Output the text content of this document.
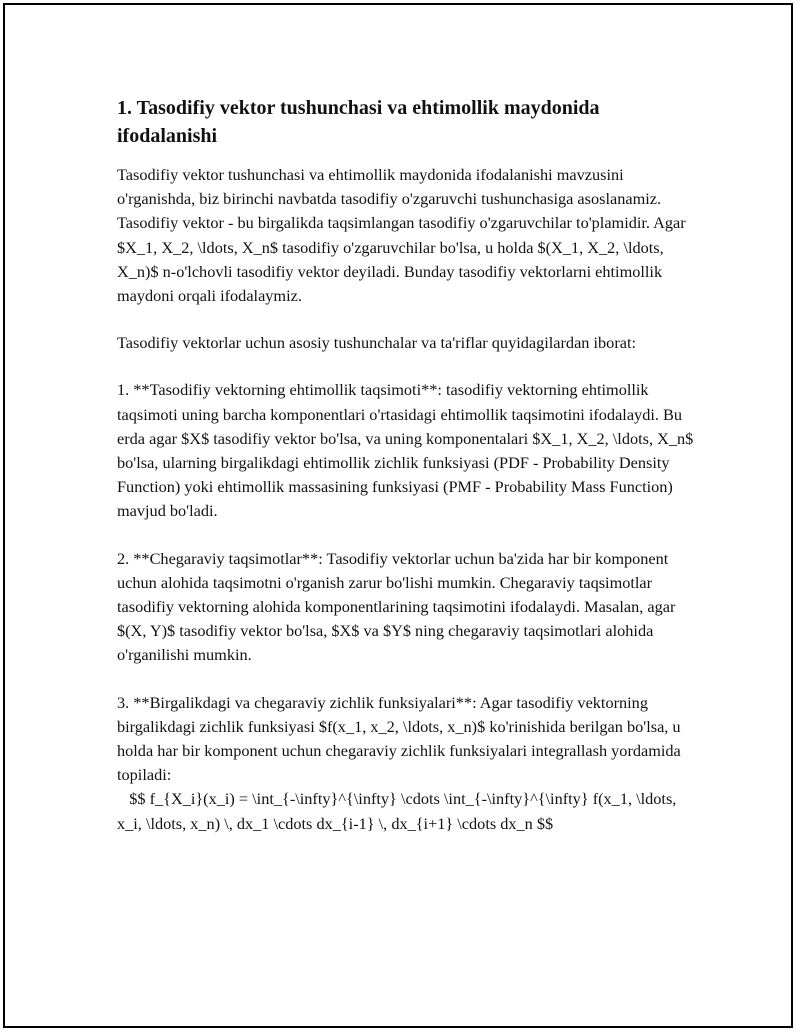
1. Tasodifiy vektor tushunchasi va ehtimollik maydonida ifodalanishi

Tasodifiy vektor tushunchasi va ehtimollik maydonida ifodalanishi mavzusini o'rganishda, biz birinchi navbatda tasodifiy o'zgaruvchi tushunchasiga asoslanamiz. Tasodifiy vektor - bu birgalikda taqsimlangan tasodifiy o'zgaruvchilar to'plamidir. Agar $X_1, X_2, \ldots, X_n$ tasodifiy o'zgaruvchilar bo'lsa, u holda $(X_1, X_2, \ldots, X_n)$ n-o'lchovli tasodifiy vektor deyiladi. Bunday tasodifiy vektorlarni ehtimollik maydoni orqali ifodalaymiz.

Tasodifiy vektorlar uchun asosiy tushunchalar va ta'riflar quyidagilardan iborat:

1. **Tasodifiy vektorning ehtimollik taqsimoti**: tasodifiy vektorning ehtimollik taqsimoti uning barcha komponentlari o'rtasidagi ehtimollik taqsimotini ifodalaydi. Bu erda agar $X$ tasodifiy vektor bo'lsa, va uning komponentalari $X_1, X_2, \ldots, X_n$ bo'lsa, ularning birgalikdagi ehtimollik zichlik funksiyasi (PDF - Probability Density Function) yoki ehtimollik massasining funksiyasi (PMF - Probability Mass Function) mavjud bo'ladi.

2. **Chegaraviy taqsimotlar**: Tasodifiy vektorlar uchun ba'zida har bir komponent uchun alohida taqsimotni o'rganish zarur bo'lishi mumkin. Chegaraviy taqsimotlar tasodifiy vektorning alohida komponentlarining taqsimotini ifodalaydi. Masalan, agar $(X, Y)$ tasodifiy vektor bo'lsa, $X$ va $Y$ ning chegaraviy taqsimotlari alohida o'rganilishi mumkin.

3. **Birgalikdagi va chegaraviy zichlik funksiyalari**: Agar tasodifiy vektorning birgalikdagi zichlik funksiyasi $f(x_1, x_2, \ldots, x_n)$ ko'rinishida berilgan bo'lsa, u holda har bir komponent uchun chegaraviy zichlik funksiyalari integrallash yordamida topiladi:
$$ f_{X_i}(x_i) = \int_{-\infty}^{\infty} \cdots \int_{-\infty}^{\infty} f(x_1, \ldots, x_i, \ldots, x_n) \, dx_1 \cdots dx_{i-1} \, dx_{i+1} \cdots dx_n $$
